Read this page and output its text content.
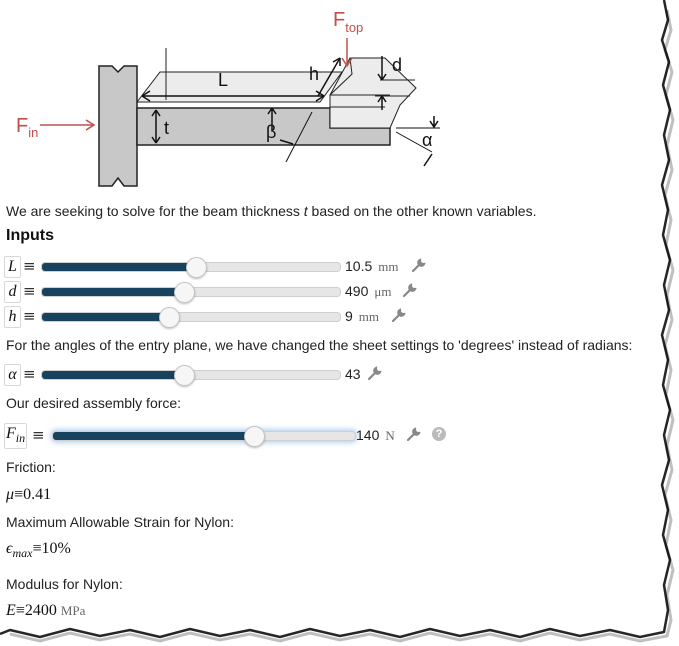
$F_{top}$
$F_{in}$
L	h	d
t	β	α
We are seeking to solve for the beam thickness t based on the other known variables.
Inputs
L ≡	10.5 mm
d ≡	490 μm
h ≡	9 mm
For the angles of the entry plane, we have changed the sheet settings to 'degrees' instead of radians:
α ≡	43
Our desired assembly force:
$F_{in}$ ≡	140 N	?
Friction:
μ≡0.41
Maximum Allowable Strain for Nylon:
$\epsilon_{max}\equiv 10\%$
Modulus for Nylon:
E≡2400 MPa
